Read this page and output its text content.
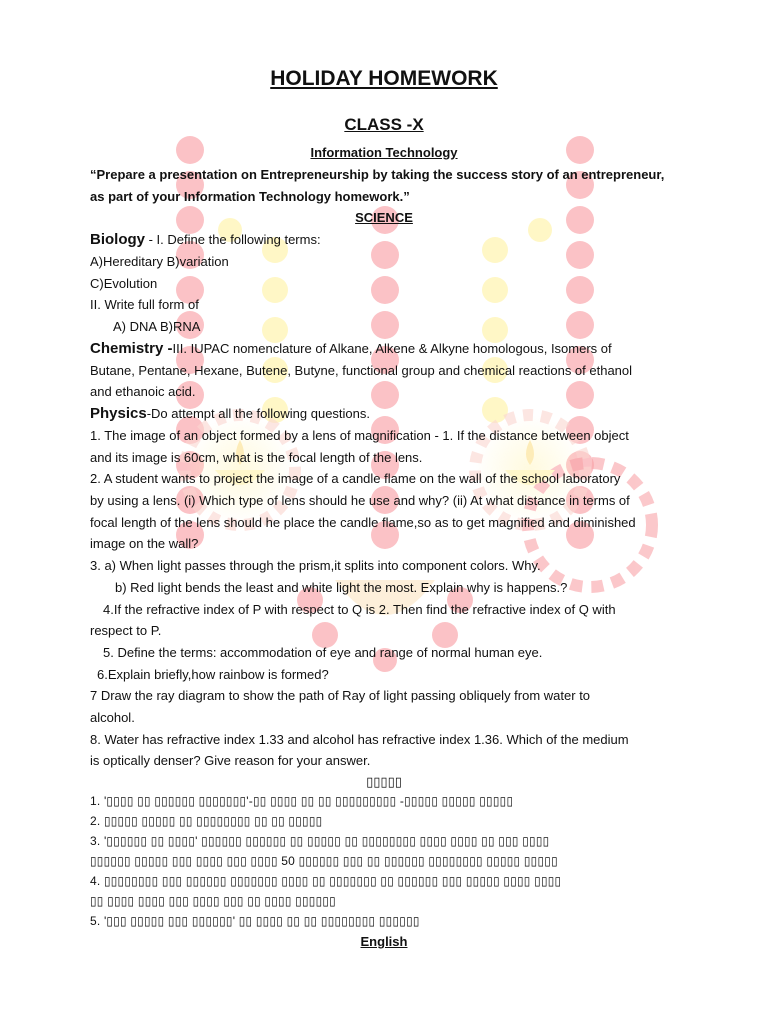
HOLIDAY HOMEWORK
CLASS -X
Information Technology
“Prepare a presentation on Entrepreneurship by taking the success story of an entrepreneur,
as part of your Information Technology homework.”
SCIENCE
Biology - I. Define the following terms:
A)Hereditary B)variation
C)Evolution
II. Write full form of
A) DNA B)RNA
Chemistry -III. IUPAC nomenclature of Alkane, Alkene & Alkyne homologous, Isomers of
Butane, Pentane, Hexane, Butene, Butyne, functional group and chemical reactions of ethanol
and ethanoic acid.
Physics-Do attempt all the following questions.
1. The image of an object formed by a lens of magnification - 1. If the distance between object
and its image is 60cm, what is the focal length of the lens.
2. A student wants to project the image of a candle flame on the wall of the school laboratory
by using a lens. (i) Which type of lens should he use and why? (ii) At what distance in terms of
focal length of the lens should he place the candle flame,so as to get magnified and diminished
image on the wall?
3. a) When light passes through the prism,it splits into component colors. Why.
b) Red light bends the least and white light the most. Explain why is happens.?
4.If the refractive index of P with respect to Q is 2. Then find the refractive index of Q with
respect to P.
5. Define the terms: accommodation of eye and range of normal human eye.
6.Explain briefly,how rainbow is formed?
7 Draw the ray diagram to show the path of Ray of light passing obliquely from water to
alcohol.
8. Water has refractive index 1.33 and alcohol has refractive index 1.36. Which of the medium
is optically denser? Give reason for your answer.
▯▯▯▯▯
1. '▯▯▯▯ ▯▯ ▯▯▯▯▯▯ ▯▯▯▯▯▯▯'-▯▯ ▯▯▯▯ ▯▯ ▯▯ ▯▯▯▯▯▯▯▯▯ -▯▯▯▯▯ ▯▯▯▯▯ ▯▯▯▯▯
2. ▯▯▯▯▯ ▯▯▯▯▯ ▯▯ ▯▯▯▯▯▯▯▯ ▯▯ ▯▯ ▯▯▯▯▯
3. '▯▯▯▯▯▯ ▯▯ ▯▯▯▯' ▯▯▯▯▯▯ ▯▯▯▯▯▯ ▯▯ ▯▯▯▯▯ ▯▯ ▯▯▯▯▯▯▯▯ ▯▯▯▯ ▯▯▯▯ ▯▯ ▯▯▯ ▯▯▯▯
▯▯▯▯▯▯ ▯▯▯▯▯ ▯▯▯ ▯▯▯▯ ▯▯▯ ▯▯▯▯ 50 ▯▯▯▯▯▯ ▯▯▯ ▯▯ ▯▯▯▯▯▯ ▯▯▯▯▯▯▯▯ ▯▯▯▯▯ ▯▯▯▯▯
4. ▯▯▯▯▯▯▯▯ ▯▯▯ ▯▯▯▯▯▯ ▯▯▯▯▯▯▯ ▯▯▯▯ ▯▯ ▯▯▯▯▯▯▯ ▯▯ ▯▯▯▯▯▯ ▯▯▯ ▯▯▯▯▯ ▯▯▯▯ ▯▯▯▯
▯▯ ▯▯▯▯ ▯▯▯▯ ▯▯▯ ▯▯▯▯ ▯▯▯ ▯▯ ▯▯▯▯ ▯▯▯▯▯▯
5. '▯▯▯ ▯▯▯▯▯ ▯▯▯ ▯▯▯▯▯▯' ▯▯ ▯▯▯▯ ▯▯ ▯▯ ▯▯▯▯▯▯▯▯ ▯▯▯▯▯▯
English
